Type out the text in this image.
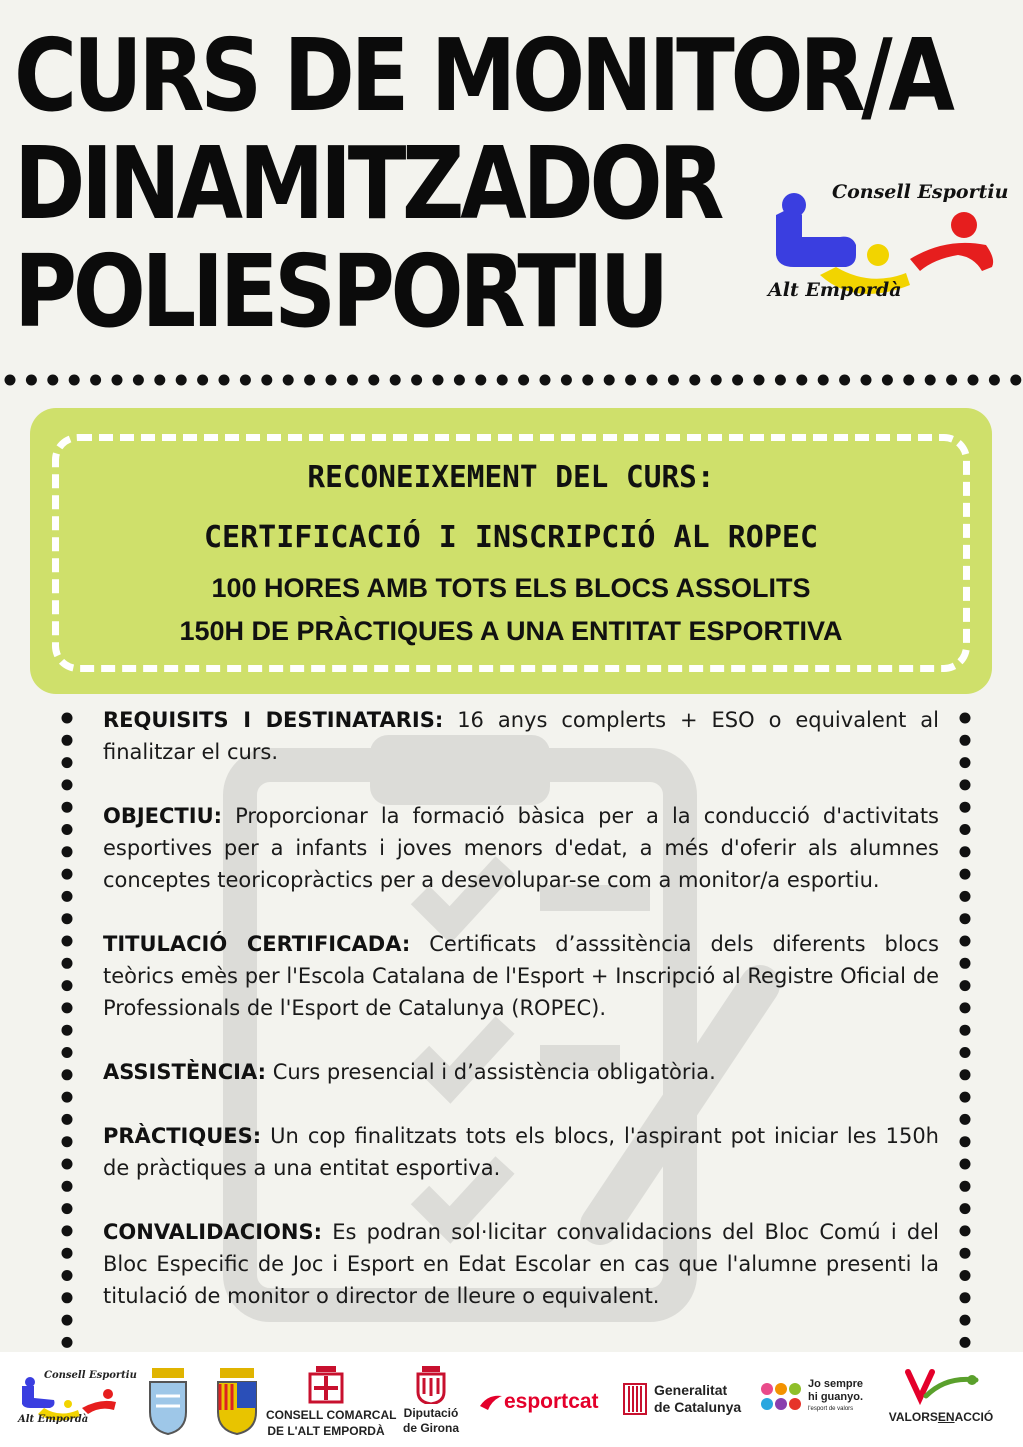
CURS DE MONITOR/A
DINAMITZADOR
POLIESPORTIU
Consell Esportiu
Alt Empordà
RECONEIXEMENT DEL CURS:
CERTIFICACIÓ I INSCRIPCIÓ AL ROPEC
100 HORES AMB TOTS ELS BLOCS ASSOLITS
150H DE PRÀCTIQUES A UNA ENTITAT ESPORTIVA

REQUISITS I DESTINATARIS: 16 anys complerts + ESO o equivalent al finalitzar el curs.

OBJECTIU: Proporcionar la formació bàsica per a la conducció d'activitats esportives per a infants i joves menors d'edat, a més d'oferir als alumnes conceptes teoricopràctics per a desevolupar-se com a monitor/a esportiu.

TITULACIÓ CERTIFICADA: Certificats d’asssitència dels diferents blocs teòrics emès per l'Escola Catalana de l'Esport + Inscripció al Registre Oficial de Professionals de l'Esport de Catalunya (ROPEC).

ASSISTÈNCIA: Curs presencial i d’assistència obligatòria.

PRÀCTIQUES: Un cop finalitzats tots els blocs, l'aspirant pot iniciar les 150h de pràctiques a una entitat esportiva.

CONVALIDACIONS: Es podran sol·licitar convalidacions del Bloc Comú i del Bloc Especific de Joc i Esport en Edat Escolar en cas que l'alumne presenti la titulació de monitor o director de lleure o equivalent.

Consell Esportiu
Alt Empordà	CONSELL COMARCAL
DE L'ALT EMPORDÀ
Diputació
de Girona
esportcat	Generalitat
de Catalunya
Jo sempre
hi guanyo.
l'esport de valors
VALORSENACCIÓ
